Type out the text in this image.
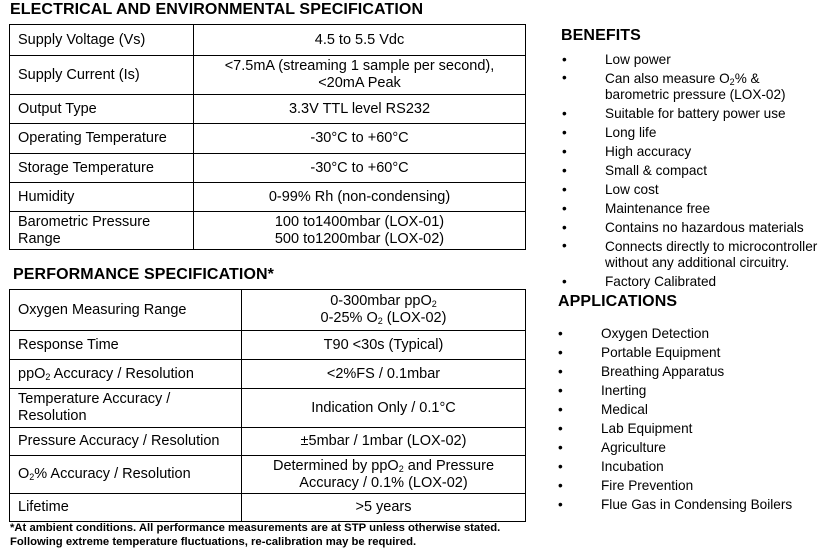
ELECTRICAL AND ENVIRONMENTAL SPECIFICATION
Supply Voltage (Vs)	4.5 to 5.5 Vdc
Supply Current (Is)	<7.5mA (streaming 1 sample per second),
<20mA Peak
Output Type	3.3V TTL level RS232
Operating Temperature	-30°C to +60°C
Storage Temperature	-30°C to +60°C
Humidity	0-99% Rh (non-condensing)
Barometric Pressure
Range	100 to1400mbar (LOX-01)
500 to1200mbar (LOX-02)
PERFORMANCE SPECIFICATION*
Oxygen Measuring Range	0-300mbar ppO$_2$
0-25% $O_2$ (LOX-02)
Response Time	T90 <30s (Typical)
ppO$_2$ Accuracy / Resolution	<2%FS / 0.1mbar
Temperature Accuracy /
Resolution	Indication Only / 0.1°C
Pressure Accuracy / Resolution	±5mbar / 1mbar (LOX-02)
$O_2\%$ Accuracy / Resolution	Determined by ppO$_2$ and Pressure
Accuracy / 0.1% (LOX-02)
Lifetime	>5 years
*At ambient conditions. All performance measurements are at STP unless otherwise stated. Following extreme temperature fluctuations, re-calibration may be required.
BENEFITS
•	Low power
•	Can also measure $O_2\%$ &
barometric pressure (LOX-02)
•	Suitable for battery power use
•	Long life
•	High accuracy
•	Small & compact
•	Low cost
•	Maintenance free
•	Contains no hazardous materials
•	Connects directly to microcontroller
without any additional circuitry.
•	Factory Calibrated
APPLICATIONS
•	Oxygen Detection
•	Portable Equipment
•	Breathing Apparatus
•	Inerting
•	Medical
•	Lab Equipment
•	Agriculture
•	Incubation
•	Fire Prevention
•	Flue Gas in Condensing Boilers
